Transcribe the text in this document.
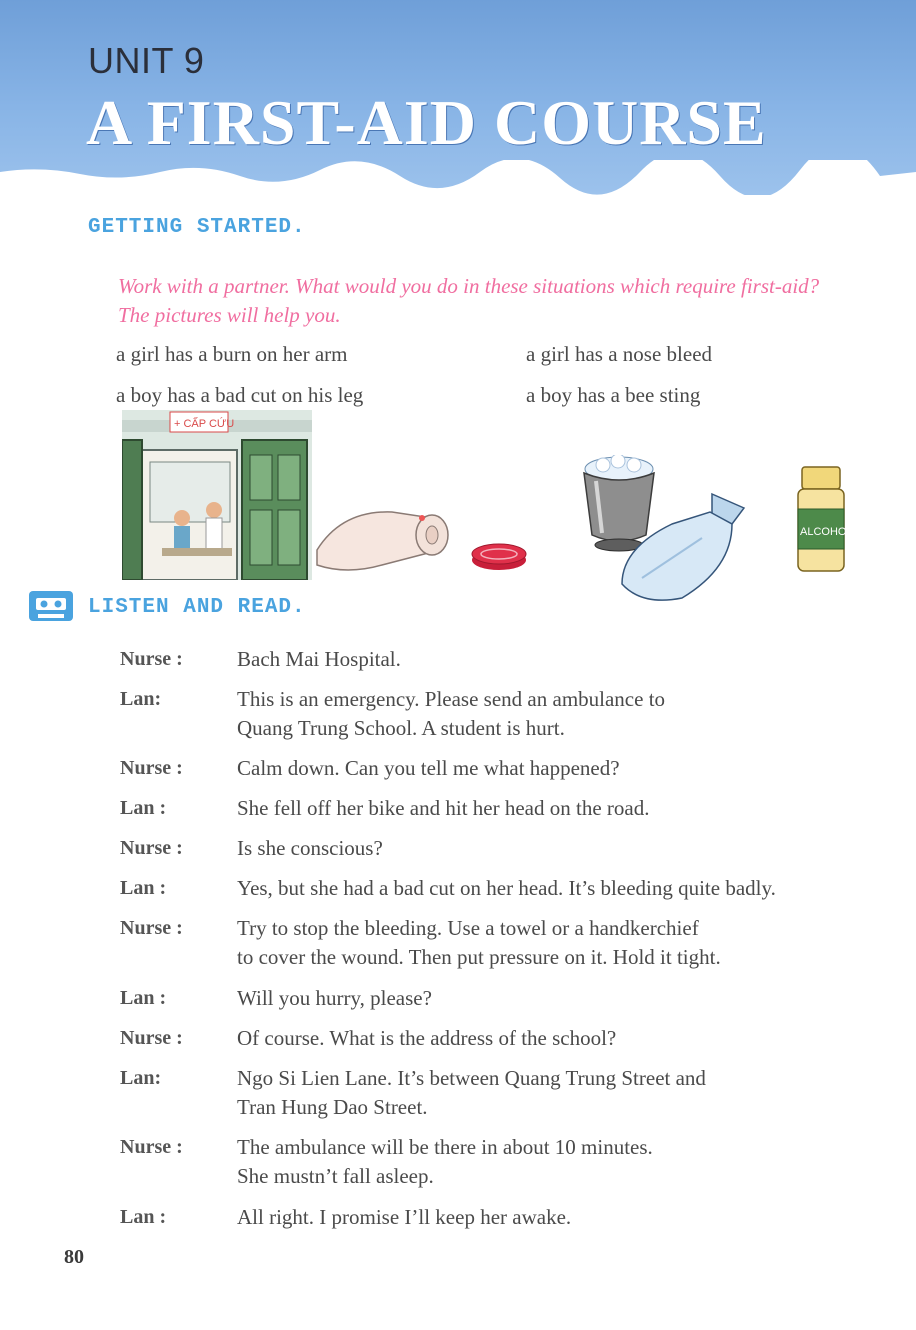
UNIT 9
A FIRST-AID COURSE
GETTING STARTED.
Work with a partner. What would you do in these situations which require first-aid? The pictures will help you.
a girl has a burn on her arm	a girl has a nose bleed
a boy has a bad cut on his leg	a boy has a bee sting
+ CẤP CỨU
ALCOHOL
LISTEN AND READ.
Nurse :	Bach Mai Hospital.
Lan:	This is an emergency. Please send an ambulance to
Quang Trung School. A student is hurt.
Nurse :	Calm down. Can you tell me what happened?
Lan :	She fell off her bike and hit her head on the road.
Nurse :	Is she conscious?
Lan :	Yes, but she had a bad cut on her head. It’s bleeding quite badly.
Nurse :	Try to stop the bleeding. Use a towel or a handkerchief
to cover the wound. Then put pressure on it. Hold it tight.
Lan :	Will you hurry, please?
Nurse :	Of course. What is the address of the school?
Lan:	Ngo Si Lien Lane. It’s between Quang Trung Street and
Tran Hung Dao Street.
Nurse :	The ambulance will be there in about 10 minutes.
She mustn’t fall asleep.
Lan :	All right. I promise I’ll keep her awake.
80
